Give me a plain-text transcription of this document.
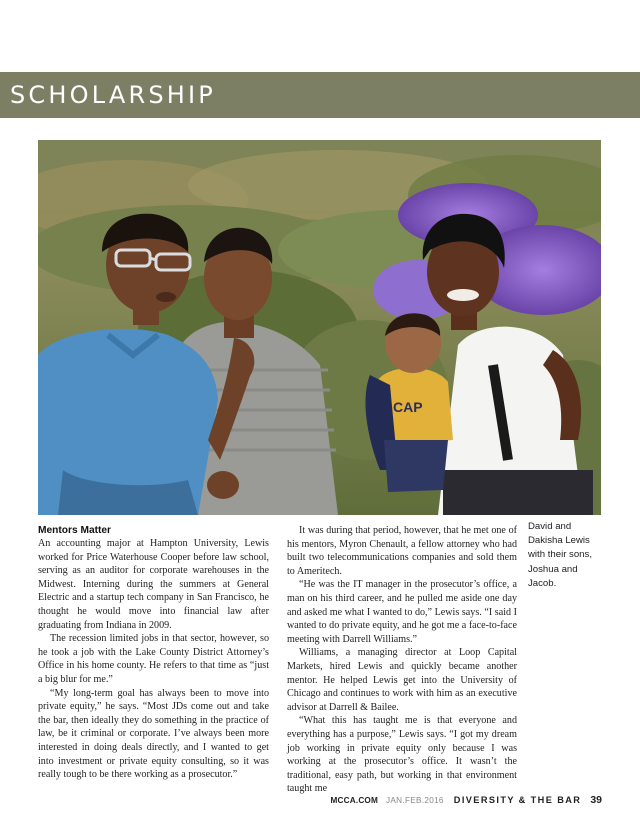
SCHOLARSHIP
CAP
David and
Dakisha Lewis
with their sons,
Joshua and
Jacob.
Mentors Matter

An accounting major at Hampton University, Lewis worked for Price Waterhouse Cooper before law school, serving as an auditor for corporate warehouses in the Midwest. Interning during the summers at General Electric and a startup tech company in San Francisco, he thought he would move into financial law after graduating from Indiana in 2009.

The recession limited jobs in that sector, however, so he took a job with the Lake County District Attorney’s Office in his home county. He refers to that time as “just a big blur for me.”

“My long-term goal has always been to move into private equity,” he says. “Most JDs come out and take the bar, then ideally they do something in the practice of law, be it criminal or corporate. I’ve always been more interested in doing deals directly, and I wanted to get into investment or private equity consulting, so it was really tough to be there working as a prosecutor.”

It was during that period, however, that he met one of his mentors, Myron Chenault, a fellow attorney who had built two telecommunications companies and sold them to Ameritech.

“He was the IT manager in the prosecutor’s office, a man on his third career, and he pulled me aside one day and asked me what I wanted to do,” Lewis says. “I said I wanted to do private equity, and he got me a face-to-face meeting with Darrell Williams.”

Williams, a managing director at Loop Capital Markets, hired Lewis and quickly became another mentor. He helped Lewis get into the University of Chicago and continues to work with him as an executive advisor at Darrell & Bailee.

“What this has taught me is that everyone and everything has a purpose,” Lewis says. “I got my dream job working in private equity only because I was working at the prosecutor’s office. It wasn’t the traditional, easy path, but working in that environment taught me

MCCA.COM JAN.FEB.2016 DIVERSITY & THE BAR 39
